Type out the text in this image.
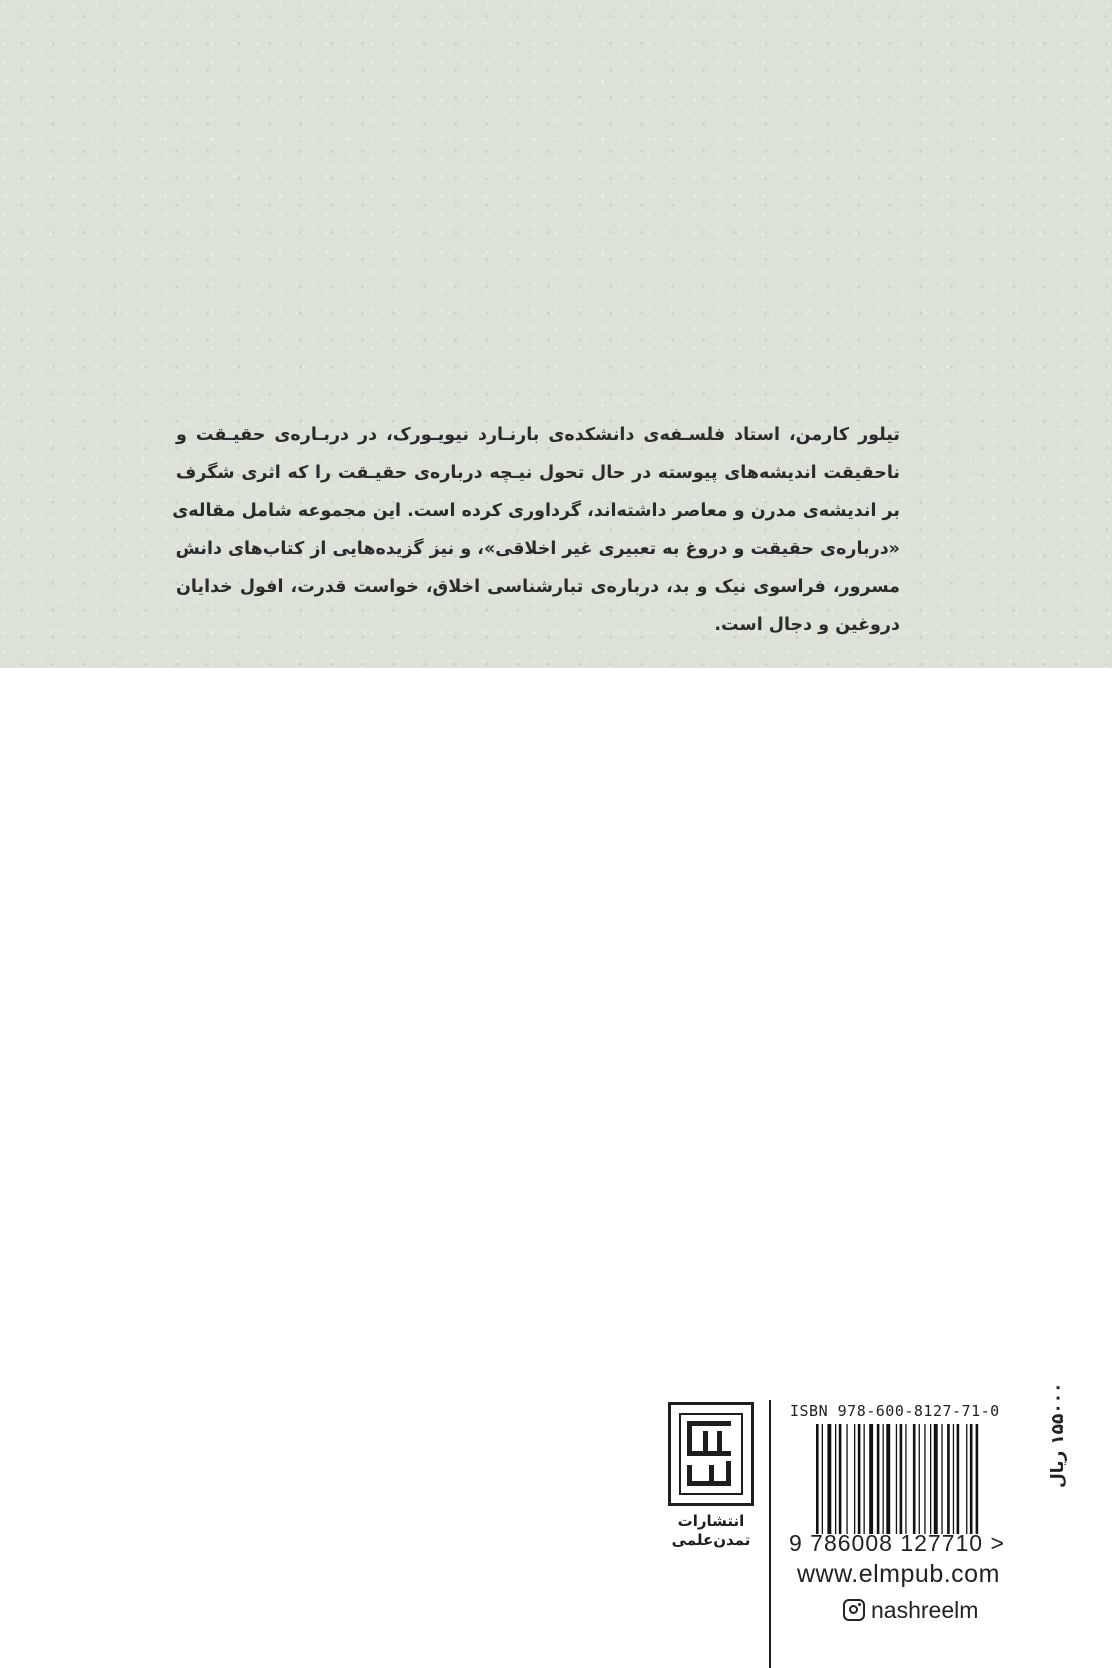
تیلور کارمن، استاد فلسـفه‌ی دانشکده‌ی بارنـارد نیویـورک، در دربـاره‌ی حقیـقت و
ناحقیقت اندیشه‌های پیوسته در حال تحول نیـچه درباره‌ی حقیـقت را که اثری شگرف
بر اندیشه‌ی مدرن و معاصر داشته‌اند، گرداوری کرده است. این مجموعه شامل مقاله‌ی
«درباره‌ی حقیقت و دروغ به تعبیری غیر اخلاقی»، و نیز گزیده‌هایی از کتاب‌های دانش
مسرور، فراسوی نیک و بد، درباره‌ی تبارشناسی اخلاق، خواست قدرت، افول خدایان
دروغین و دجال است.
انتشارات
تمدن‌علمی
ISBN 978-600-8127-71-0
9 786008 127710 >
۱۵۵۰۰۰ ریال
www.elmpub.com
nashreelm
